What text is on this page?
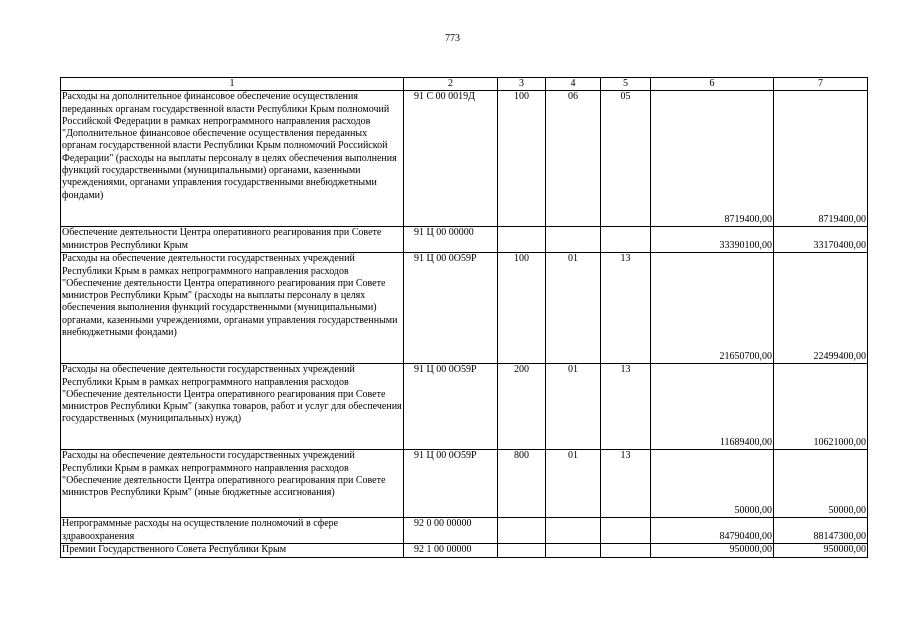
773
1	2	3	4	5	6	7
Расходы на дополнительное финансовое обеспечение осуществления переданных органам государственной власти Республики Крым полномочий Российской Федерации в рамках непрограммного направления расходов "Дополнительное финансовое обеспечение осуществления переданных органам государственной власти Республики Крым полномочий Российской Федерации" (расходы на выплаты персоналу в целях обеспечения выполнения функций государственными (муниципальными) органами, казенными учреждениями, органами управления государственными внебюджетными фондами)	91 С 00 0019Д	100	06	05	8719400,00	8719400,00
Обеспечение деятельности Центра оперативного реагирования при Совете министров Республики Крым	91 Ц 00 00000				33390100,00	33170400,00
Расходы на обеспечение деятельности государственных учреждений Республики Крым в рамках непрограммного направления расходов "Обеспечение деятельности Центра оперативного реагирования при Совете министров Республики Крым" (расходы на выплаты персоналу в целях обеспечения выполнения функций государственными (муниципальными) органами, казенными учреждениями, органами управления государственными внебюджетными фондами)	91 Ц 00 0О59Р	100	01	13	21650700,00	22499400,00
Расходы на обеспечение деятельности государственных учреждений Республики Крым в рамках непрограммного направления расходов "Обеспечение деятельности Центра оперативного реагирования при Совете министров Республики Крым" (закупка товаров, работ и услуг для обеспечения государственных (муниципальных) нужд)	91 Ц 00 0О59Р	200	01	13	11689400,00	10621000,00
Расходы на обеспечение деятельности государственных учреждений Республики Крым в рамках непрограммного направления расходов "Обеспечение деятельности Центра оперативного реагирования при Совете министров Республики Крым" (иные бюджетные ассигнования)	91 Ц 00 0О59Р	800	01	13	50000,00	50000,00
Непрограммные расходы на осуществление полномочий в сфере здравоохранения	92 0 00 00000				84790400,00	88147300,00
Премии Государственного Совета Республики Крым	92 1 00 00000				950000,00	950000,00
